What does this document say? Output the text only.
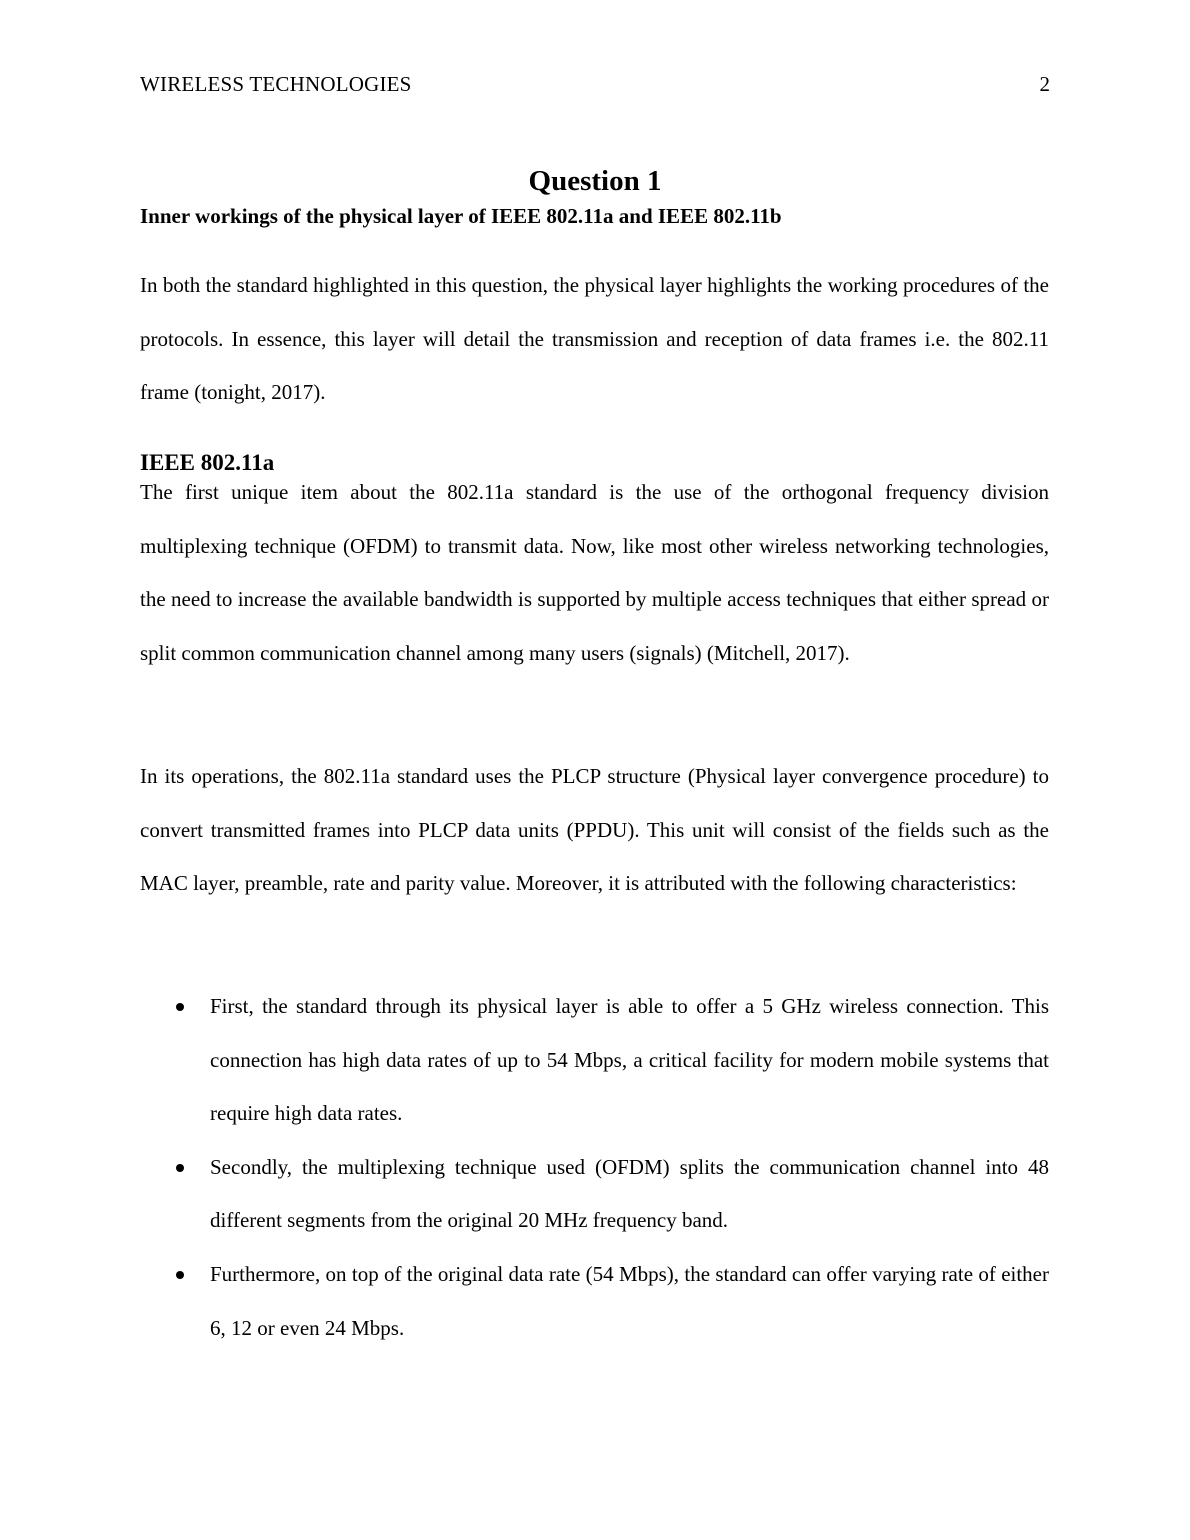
WIRELESS TECHNOLOGIES	2
Question 1
Inner workings of the physical layer of IEEE 802.11a and IEEE 802.11b

In both the standard highlighted in this question, the physical layer highlights the working procedures of the protocols. In essence, this layer will detail the transmission and reception of data frames i.e. the 802.11 frame (tonight, 2017).

IEEE 802.11a

The first unique item about the 802.11a standard is the use of the orthogonal frequency division multiplexing technique (OFDM) to transmit data. Now, like most other wireless networking technologies, the need to increase the available bandwidth is supported by multiple access techniques that either spread or split common communication channel among many users (signals) (Mitchell, 2017).

In its operations, the 802.11a standard uses the PLCP structure (Physical layer convergence procedure) to convert transmitted frames into PLCP data units (PPDU). This unit will consist of the fields such as the MAC layer, preamble, rate and parity value. Moreover, it is attributed with the following characteristics:

First, the standard through its physical layer is able to offer a 5 GHz wireless connection. This connection has high data rates of up to 54 Mbps, a critical facility for modern mobile systems that require high data rates.
Secondly, the multiplexing technique used (OFDM) splits the communication channel into 48 different segments from the original 20 MHz frequency band.
Furthermore, on top of the original data rate (54 Mbps), the standard can offer varying rate of either 6, 12 or even 24 Mbps.
